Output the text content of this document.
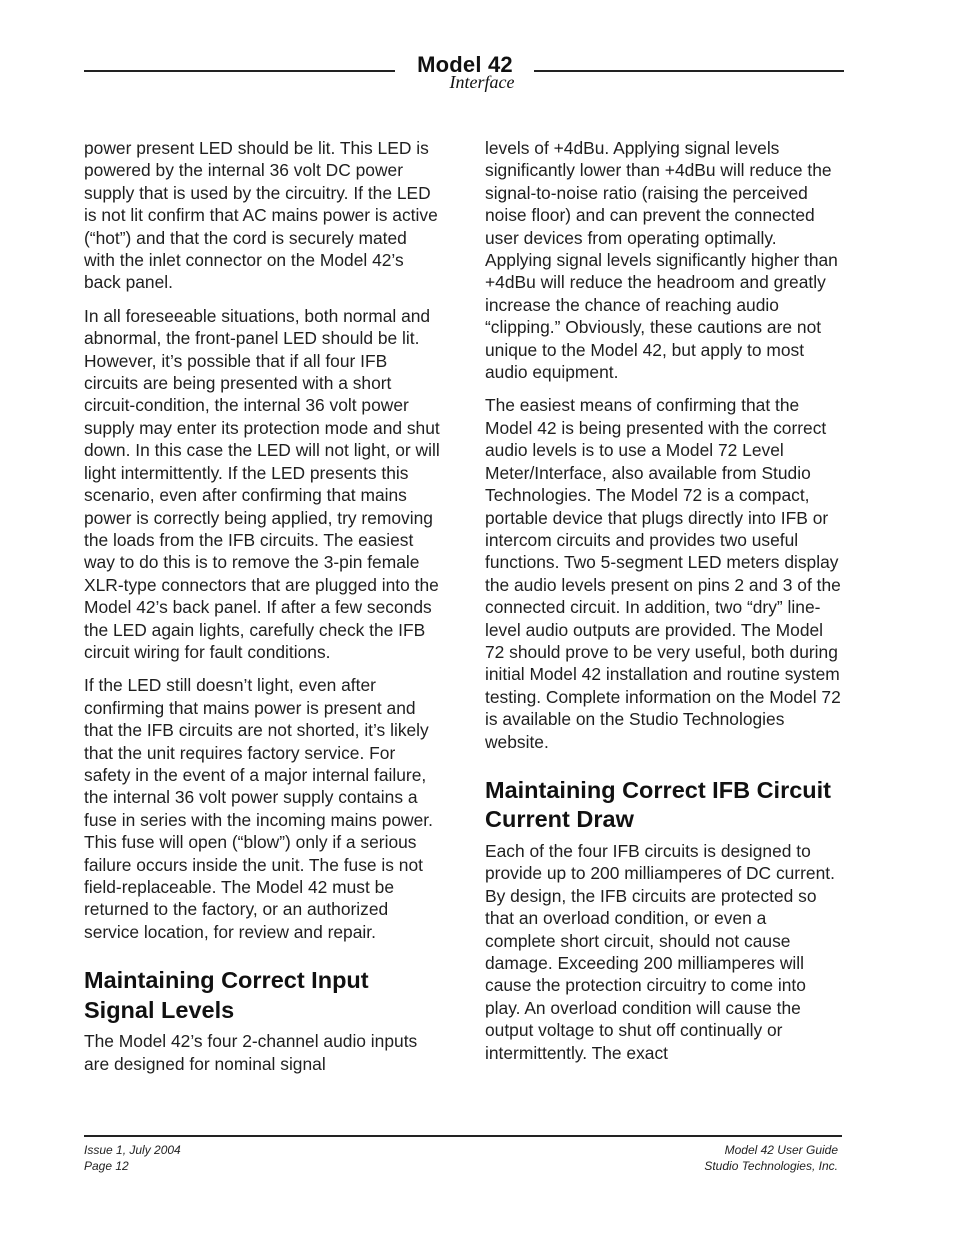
Model 42
Interface

power present LED should be lit. This LED is powered by the internal 36 volt DC power supply that is used by the circuitry. If the LED is not lit confirm that AC mains power is active (“hot”) and that the cord is securely mated with the inlet connector on the Model 42’s back panel.

In all foreseeable situations, both normal and abnormal, the front-panel LED should be lit. However, it’s possible that if all four IFB circuits are being presented with a short circuit-condition, the internal 36 volt power supply may enter its protection mode and shut down. In this case the LED will not light, or will light intermittently. If the LED presents this scenario, even after confirming that mains power is correctly being applied, try removing the loads from the IFB circuits. The easiest way to do this is to remove the 3-pin female XLR-type connectors that are plugged into the Model 42’s back panel. If after a few seconds the LED again lights, carefully check the IFB circuit wiring for fault conditions.

If the LED still doesn’t light, even after confirming that mains power is present and that the IFB circuits are not shorted, it’s likely that the unit requires factory service. For safety in the event of a major internal failure, the internal 36 volt power supply contains a fuse in series with the incoming mains power. This fuse will open (“blow”) only if a serious failure occurs inside the unit. The fuse is not field-replaceable. The Model 42 must be returned to the factory, or an authorized service location, for review and repair.

Maintaining Correct Input Signal Levels

The Model 42’s four 2-channel audio inputs are designed for nominal signal

levels of +4dBu. Applying signal levels significantly lower than +4dBu will reduce the signal-to-noise ratio (raising the perceived noise floor) and can prevent the connected user devices from operating optimally. Applying signal levels significantly higher than +4dBu will reduce the headroom and greatly increase the chance of reaching audio “clipping.” Obviously, these cautions are not unique to the Model 42, but apply to most audio equipment.

The easiest means of confirming that the Model 42 is being presented with the correct audio levels is to use a Model 72 Level Meter/Interface, also available from Studio Technologies. The Model 72 is a compact, portable device that plugs directly into IFB or intercom circuits and provides two useful functions. Two 5-segment LED meters display the audio levels present on pins 2 and 3 of the connected circuit. In addition, two “dry” line-level audio outputs are provided. The Model 72 should prove to be very useful, both during initial Model 42 installation and routine system testing. Complete information on the Model 72 is available on the Studio Technologies website.

Maintaining Correct IFB Circuit Current Draw

Each of the four IFB circuits is designed to provide up to 200 milliamperes of DC current. By design, the IFB circuits are protected so that an overload condition, or even a complete short circuit, should not cause damage. Exceeding 200 milliamperes will cause the protection circuitry to come into play. An overload condition will cause the output voltage to shut off continually or intermittently. The exact

Issue 1, July 2004
Page 12
Model 42 User Guide
Studio Technologies, Inc.
